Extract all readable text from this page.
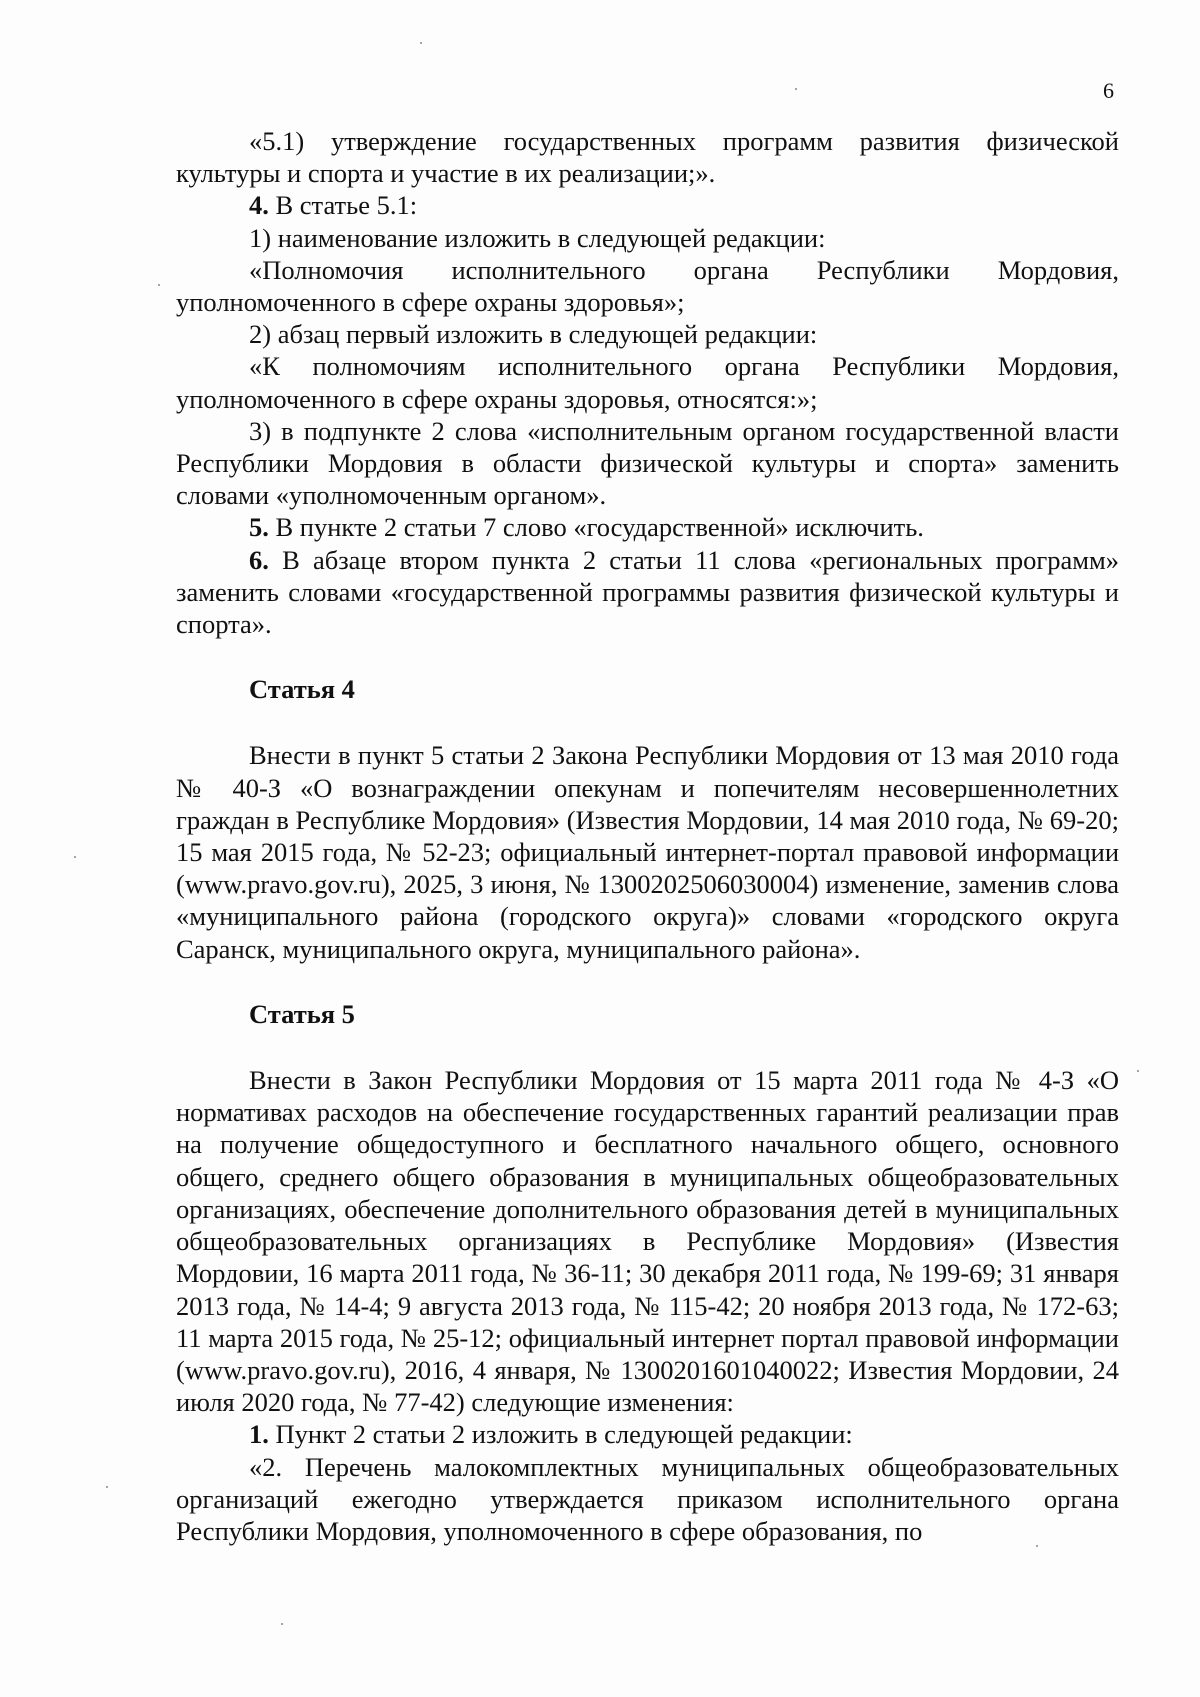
6

«5.1) утверждение государственных программ развития физической культуры и спорта и участие в их реализации;».

4. В статье 5.1:

1) наименование изложить в следующей редакции:

«Полномочия исполнительного органа Республики Мордовия, уполномоченного в сфере охраны здоровья»;

2) абзац первый изложить в следующей редакции:

«К полномочиям исполнительного органа Республики Мордовия, уполномоченного в сфере охраны здоровья, относятся:»;

3) в подпункте 2 слова «исполнительным органом государственной власти Республики Мордовия в области физической культуры и спорта» заменить словами «уполномоченным органом».

5. В пункте 2 статьи 7 слово «государственной» исключить.

6. В абзаце втором пункта 2 статьи 11 слова «региональных программ» заменить словами «государственной программы развития физической культуры и спорта».

Статья 4

Внести в пункт 5 статьи 2 Закона Республики Мордовия от 13 мая 2010 года № 40-З «О вознаграждении опекунам и попечителям несовершеннолетних граждан в Республике Мордовия» (Известия Мордовии, 14 мая 2010 года, № 69-20; 15 мая 2015 года, № 52-23; официальный интернет-портал правовой информации (www.pravo.gov.ru), 2025, 3 июня, № 1300202506030004) изменение, заменив слова «муниципального района (городского округа)» словами «городского округа Саранск, муниципального округа, муниципального района».

Статья 5

Внести в Закон Республики Мордовия от 15 марта 2011 года № 4-З «О нормативах расходов на обеспечение государственных гарантий реализации прав на получение общедоступного и бесплатного начального общего, основного общего, среднего общего образования в муниципальных общеобразовательных организациях, обеспечение дополнительного образования детей в муниципальных общеобразовательных организациях в Республике Мордовия» (Известия Мордовии, 16 марта 2011 года, № 36-11; 30 декабря 2011 года, № 199-69; 31 января 2013 года, № 14-4; 9 августа 2013 года, № 115-42; 20 ноября 2013 года, № 172-63; 11 марта 2015 года, № 25-12; официальный интернет портал правовой информации (www.pravo.gov.ru), 2016, 4 января, № 1300201601040022; Известия Мордовии, 24 июля 2020 года, № 77-42) следующие изменения:

1. Пункт 2 статьи 2 изложить в следующей редакции:

«2. Перечень малокомплектных муниципальных общеобразовательных организаций ежегодно утверждается приказом исполнительного органа Республики Мордовия, уполномоченного в сфере образования, по
